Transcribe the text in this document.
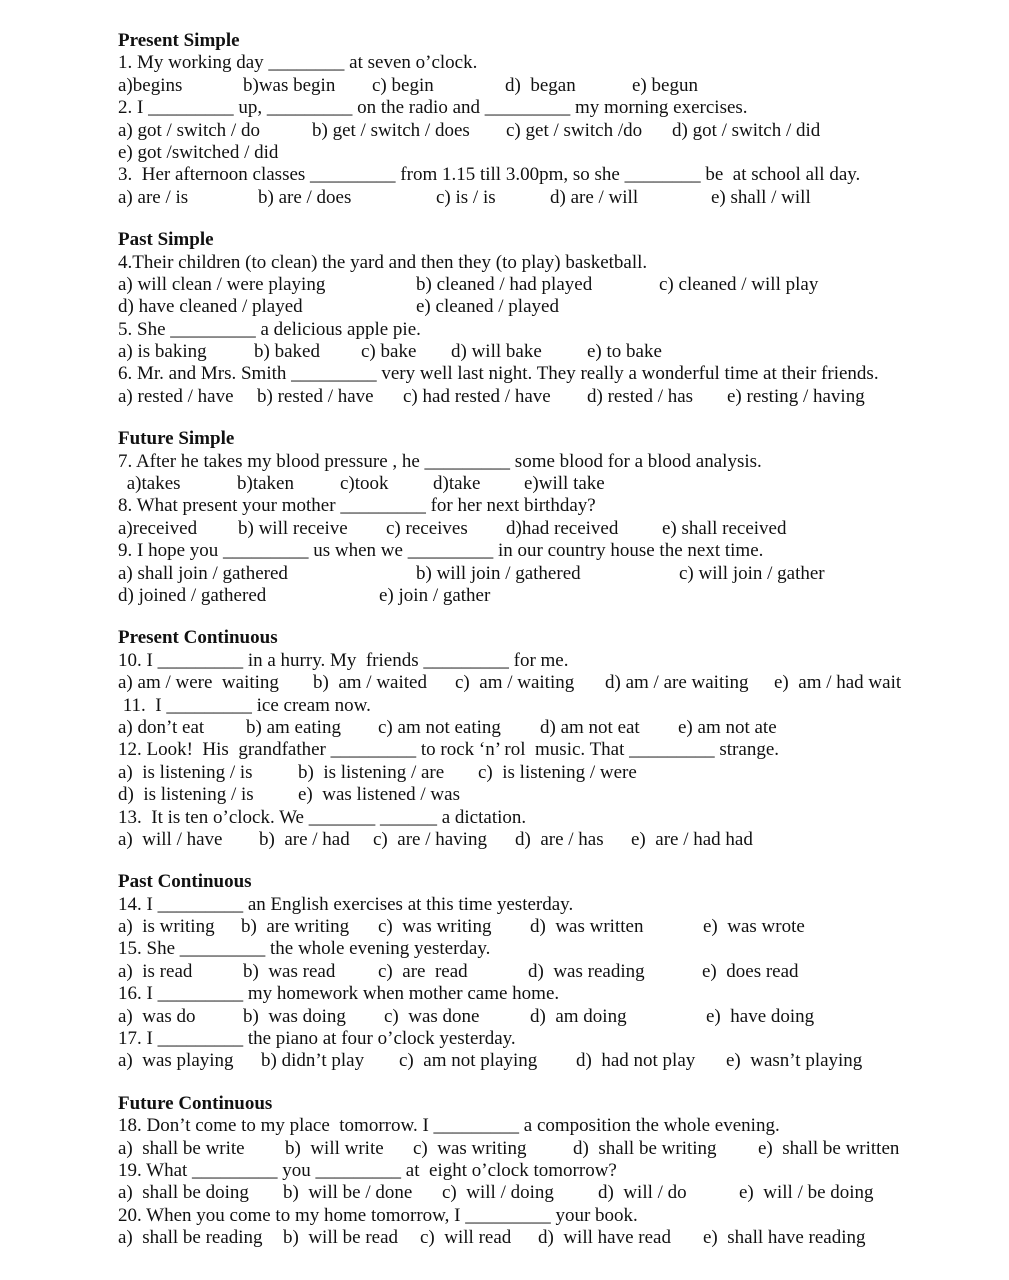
Present Simple
1. My working day ________ at seven o’clock.
a)begins	b)was begin c) begin	d)  began	e) begun
2. I _________ up, _________ on the radio and _________ my morning exercises.
a) got / switch / do	b) get / switch / does c) get / switch /do d) got / switch / did
e) got /switched / did
3.  Her afternoon classes _________ from 1.15 till 3.00pm, so she ________ be  at school all day.
a) are / is	b) are / does	c) is / is	d) are / will	e) shall / will
Past Simple
4.Their children (to clean) the yard and then they (to play) basketball.
a) will clean / were playing	b) cleaned / had played	c) cleaned / will play
d) have cleaned / played	e) cleaned / played
5. She _________ a delicious apple pie.
a) is baking b) baked c) bake d) will bake e) to bake
6. Mr. and Mrs. Smith _________ very well last night. They really a wonderful time at their friends.
a) rested / have b) rested / have c) had rested / have d) rested / has e) resting / having
Future Simple
7. After he takes my blood pressure , he _________ some blood for a blood analysis.
a)takes	b)taken c)took d)take e)will take
8. What present your mother _________ for her next birthday?
a)received b) will receive c) receives d)had received e) shall received
9. I hope you _________ us when we _________ in our country house the next time.
a) shall join / gathered	b) will join / gathered	c) will join / gather
d) joined / gathered	e) join / gather
Present Continuous
10. I _________ in a hurry. My  friends _________ for me.
a) am / were  waiting b)  am / waited c)  am / waiting d) am / are waiting e)  am / had wait
11.  I _________ ice cream now.
a) don’t eat b) am eating c) am not eating d) am not eat e) am not ate
12. Look!  His  grandfather _________ to rock ‘n’ rol  music. That _________ strange.
a)  is listening / is b)  is listening / are c)  is listening / were
d)  is listening / is e)  was listened / was
13.  It is ten o’clock. We _______ ______ a dictation.
a)  will / have b)  are / had c)  are / having d)  are / has e)  are / had had
Past Continuous
14. I _________ an English exercises at this time yesterday.
a)  is writing b)  are writing c)  was writing d)  was written	e)  was wrote
15. She _________ the whole evening yesterday.
a)  is read	b)  was read c)  are  read	d)  was reading	e)  does read
16. I _________ my homework when mother came home.
a)  was do b)  was doing c)  was done	d)  am doing	e)  have doing
17. I _________ the piano at four o’clock yesterday.
a)  was playing b) didn’t play c)  am not playing d)  had not play e)  wasn’t playing
Future Continuous
18. Don’t come to my place  tomorrow. I _________ a composition the whole evening.
a)  shall be write b)  will write c)  was writing d)  shall be writing e)  shall be written
19. What _________ you _________ at  eight o’clock tomorrow?
a)  shall be doing b)  will be / done c)  will / doing d)  will / do	e)  will / be doing
20. When you come to my home tomorrow, I _________ your book.
a)  shall be reading b)  will be read c)  will read d)  will have read e)  shall have reading
